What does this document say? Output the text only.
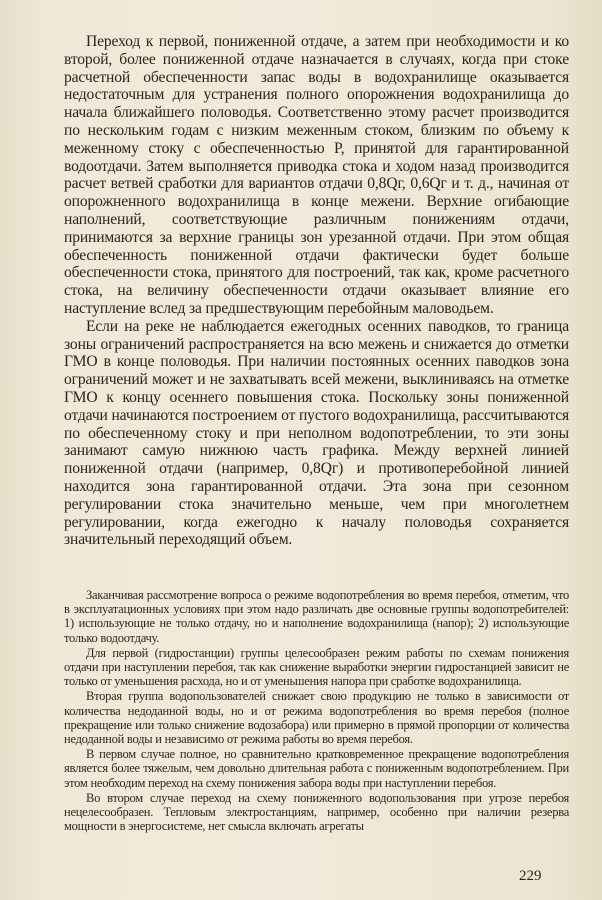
Переход к первой, пониженной отдаче, а затем при необходимости и ко второй, более пониженной отдаче назначается в случаях, когда при стоке расчетной обеспеченности запас воды в водохранилище оказывается недостаточным для устранения полного опорожнения водохранилища до начала ближайшего половодья. Соответственно этому расчет производится по нескольким годам с низким меженным стоком, близким по объему к меженному стоку с обеспеченностью P, принятой для гарантированной водоотдачи. Затем выполняется приводка стока и ходом назад производится расчет ветвей сработки для вариантов отдачи 0,8Qг, 0,6Qг и т. д., начиная от опорожненного водохранилища в конце межени. Верхние огибающие наполнений, соответствующие различным понижениям отдачи, принимаются за верхние границы зон урезанной отдачи. При этом общая обеспеченность пониженной отдачи фактически будет больше обеспеченности стока, принятого для построений, так как, кроме расчетного стока, на величину обеспеченности отдачи оказывает влияние его наступление вслед за предшествующим перебойным маловодьем.

Если на реке не наблюдается ежегодных осенних паводков, то граница зоны ограничений распространяется на всю межень и снижается до отметки ГМО в конце половодья. При наличии постоянных осенних паводков зона ограничений может и не захватывать всей межени, выклиниваясь на отметке ГМО к концу осеннего повышения стока. Поскольку зоны пониженной отдачи начинаются построением от пустого водохранилища, рассчитываются по обеспеченному стоку и при неполном водопотреблении, то эти зоны занимают самую нижнюю часть графика. Между верхней линией пониженной отдачи (например, 0,8Qг) и противоперебойной линией находится зона гарантированной отдачи. Эта зона при сезонном регулировании стока значительно меньше, чем при многолетнем регулировании, когда ежегодно к началу половодья сохраняется значительный переходящий объем.

Заканчивая рассмотрение вопроса о режиме водопотребления во время перебоя, отметим, что в эксплуатационных условиях при этом надо различать две основные группы водопотребителей: 1) использующие не только отдачу, но и наполнение водохранилища (напор); 2) использующие только водоотдачу.

Для первой (гидростанции) группы целесообразен режим работы по схемам понижения отдачи при наступлении перебоя, так как снижение выработки энергии гидростанцией зависит не только от уменьшения расхода, но и от уменьшения напора при сработке водохранилища.

Вторая группа водопользователей снижает свою продукцию не только в зависимости от количества недоданной воды, но и от режима водопотребления во время перебоя (полное прекращение или только снижение водозабора) или примерно в прямой пропорции от количества недоданной воды и независимо от режима работы во время перебоя.

В первом случае полное, но сравнительно кратковременное прекращение водопотребления является более тяжелым, чем довольно длительная работа с пониженным водопотреблением. При этом необходим переход на схему понижения забора воды при наступлении перебоя.

Во втором случае переход на схему пониженного водопользования при угрозе перебоя нецелесообразен. Тепловым электростанциям, например, особенно при наличии резерва мощности в энергосистеме, нет смысла включать агрегаты

229
